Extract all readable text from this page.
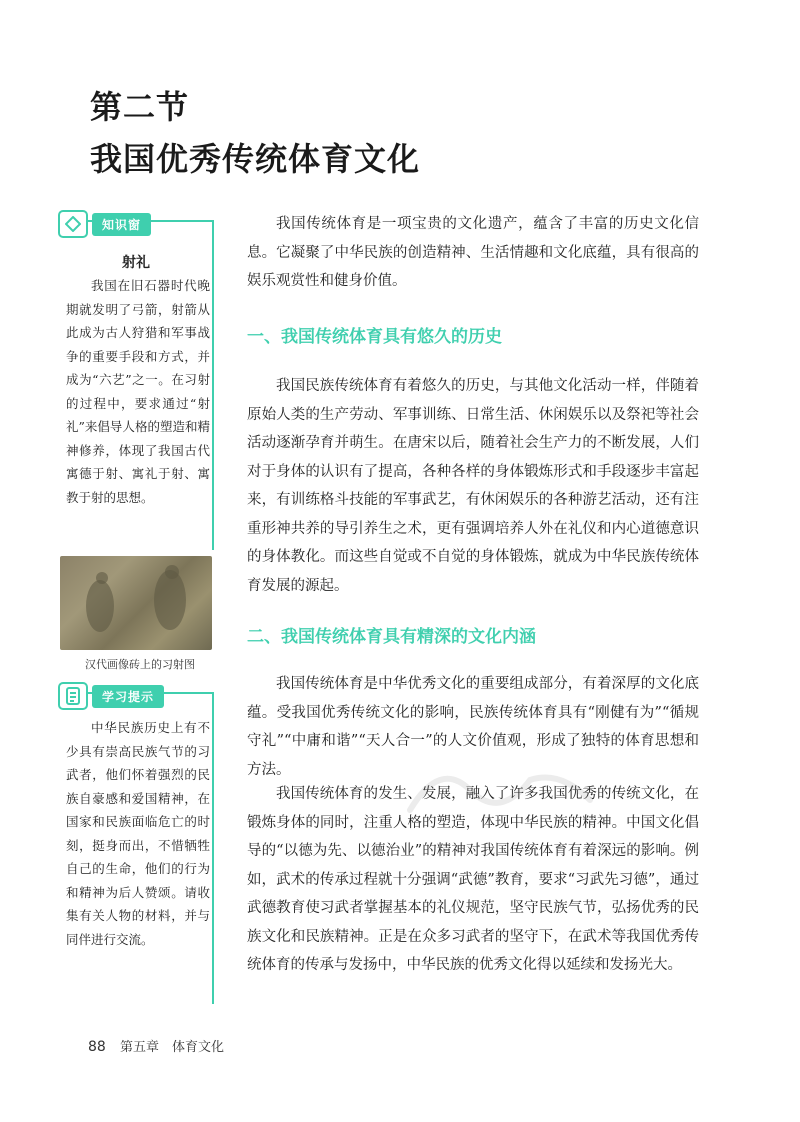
第二节
我国优秀传统体育文化
知识窗
射礼

我国在旧石器时代晚期就发明了弓箭，射箭从此成为古人狩猎和军事战争的重要手段和方式，并成为“六艺”之一。在习射的过程中，要求通过“射礼”来倡导人格的塑造和精神修养，体现了我国古代寓德于射、寓礼于射、寓教于射的思想。

汉代画像砖上的习射图
学习提示

中华民族历史上有不少具有崇高民族气节的习武者，他们怀着强烈的民族自豪感和爱国精神，在国家和民族面临危亡的时刻，挺身而出，不惜牺牲自己的生命，他们的行为和精神为后人赞颂。请收集有关人物的材料，并与同伴进行交流。

我国传统体育是一项宝贵的文化遗产，蕴含了丰富的历史文化信息。它凝聚了中华民族的创造精神、生活情趣和文化底蕴，具有很高的娱乐观赏性和健身价值。

一、我国传统体育具有悠久的历史

我国民族传统体育有着悠久的历史，与其他文化活动一样，伴随着原始人类的生产劳动、军事训练、日常生活、休闲娱乐以及祭祀等社会活动逐渐孕育并萌生。在唐宋以后，随着社会生产力的不断发展，人们对于身体的认识有了提高，各种各样的身体锻炼形式和手段逐步丰富起来，有训练格斗技能的军事武艺，有休闲娱乐的各种游艺活动，还有注重形神共养的导引养生之术，更有强调培养人外在礼仪和内心道德意识的身体教化。而这些自觉或不自觉的身体锻炼，就成为中华民族传统体育发展的源起。

二、我国传统体育具有精深的文化内涵

我国传统体育是中华优秀文化的重要组成部分，有着深厚的文化底蕴。受我国优秀传统文化的影响，民族传统体育具有“刚健有为”“循规守礼”“中庸和谐”“天人合一”的人文价值观，形成了独特的体育思想和方法。

我国传统体育的发生、发展，融入了许多我国优秀的传统文化，在锻炼身体的同时，注重人格的塑造，体现中华民族的精神。中国文化倡导的“以德为先、以德治业”的精神对我国传统体育有着深远的影响。例如，武术的传承过程就十分强调“武德”教育，要求“习武先习德”，通过武德教育使习武者掌握基本的礼仪规范，坚守民族气节，弘扬优秀的民族文化和民族精神。正是在众多习武者的坚守下，在武术等我国优秀传统体育的传承与发扬中，中华民族的优秀文化得以延续和发扬光大。

88 第五章　体育文化
